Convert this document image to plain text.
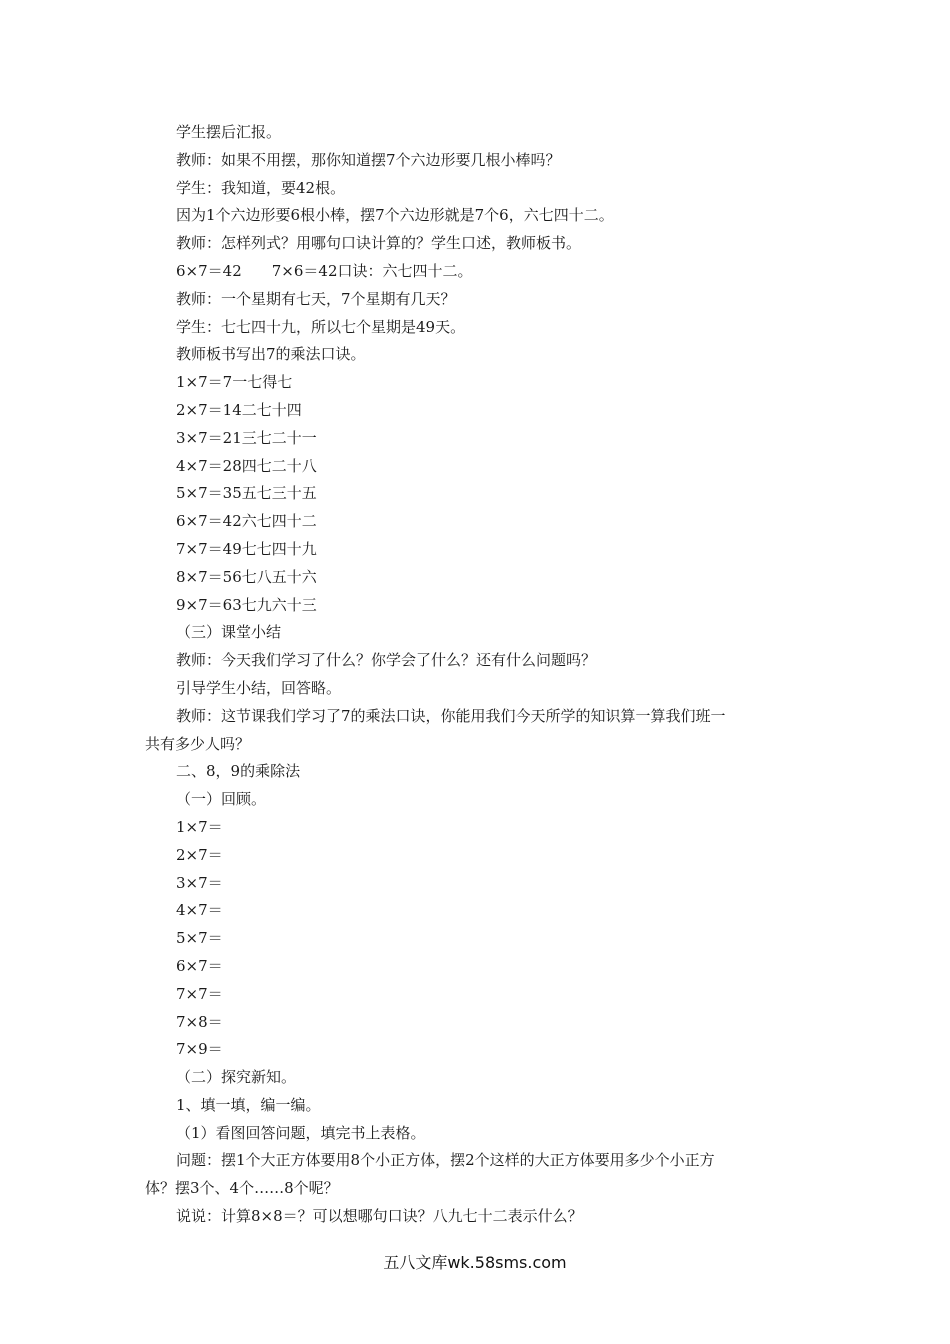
学生摆后汇报。
教师：如果不用摆，那你知道摆7个六边形要几根小棒吗？
学生：我知道，要42根。
因为1个六边形要6根小棒，摆7个六边形就是7个6，六七四十二。
教师：怎样列式？用哪句口诀计算的？学生口述，教师板书。
6×7＝42　　7×6＝42口诀：六七四十二。
教师：一个星期有七天，7个星期有几天？
学生：七七四十九，所以七个星期是49天。
教师板书写出7的乘法口诀。
1×7＝7一七得七
2×7＝14二七十四
3×7＝21三七二十一
4×7＝28四七二十八
5×7＝35五七三十五
6×7＝42六七四十二
7×7＝49七七四十九
8×7＝56七八五十六
9×7＝63七九六十三
（三）课堂小结
教师：今天我们学习了什么？你学会了什么？还有什么问题吗？
引导学生小结，回答略。
教师：这节课我们学习了7的乘法口诀，你能用我们今天所学的知识算一算我们班一
共有多少人吗？
二、8，9的乘除法
（一）回顾。
1×7＝
2×7＝
3×7＝
4×7＝
5×7＝
6×7＝
7×7＝
7×8＝
7×9＝
（二）探究新知。
1、填一填，编一编。
（1）看图回答问题，填完书上表格。
问题：摆1个大正方体要用8个小正方体，摆2个这样的大正方体要用多少个小正方
体？摆3个、4个……8个呢？
说说：计算8×8＝？可以想哪句口诀？八九七十二表示什么？
五八文库wk.58sms.com
